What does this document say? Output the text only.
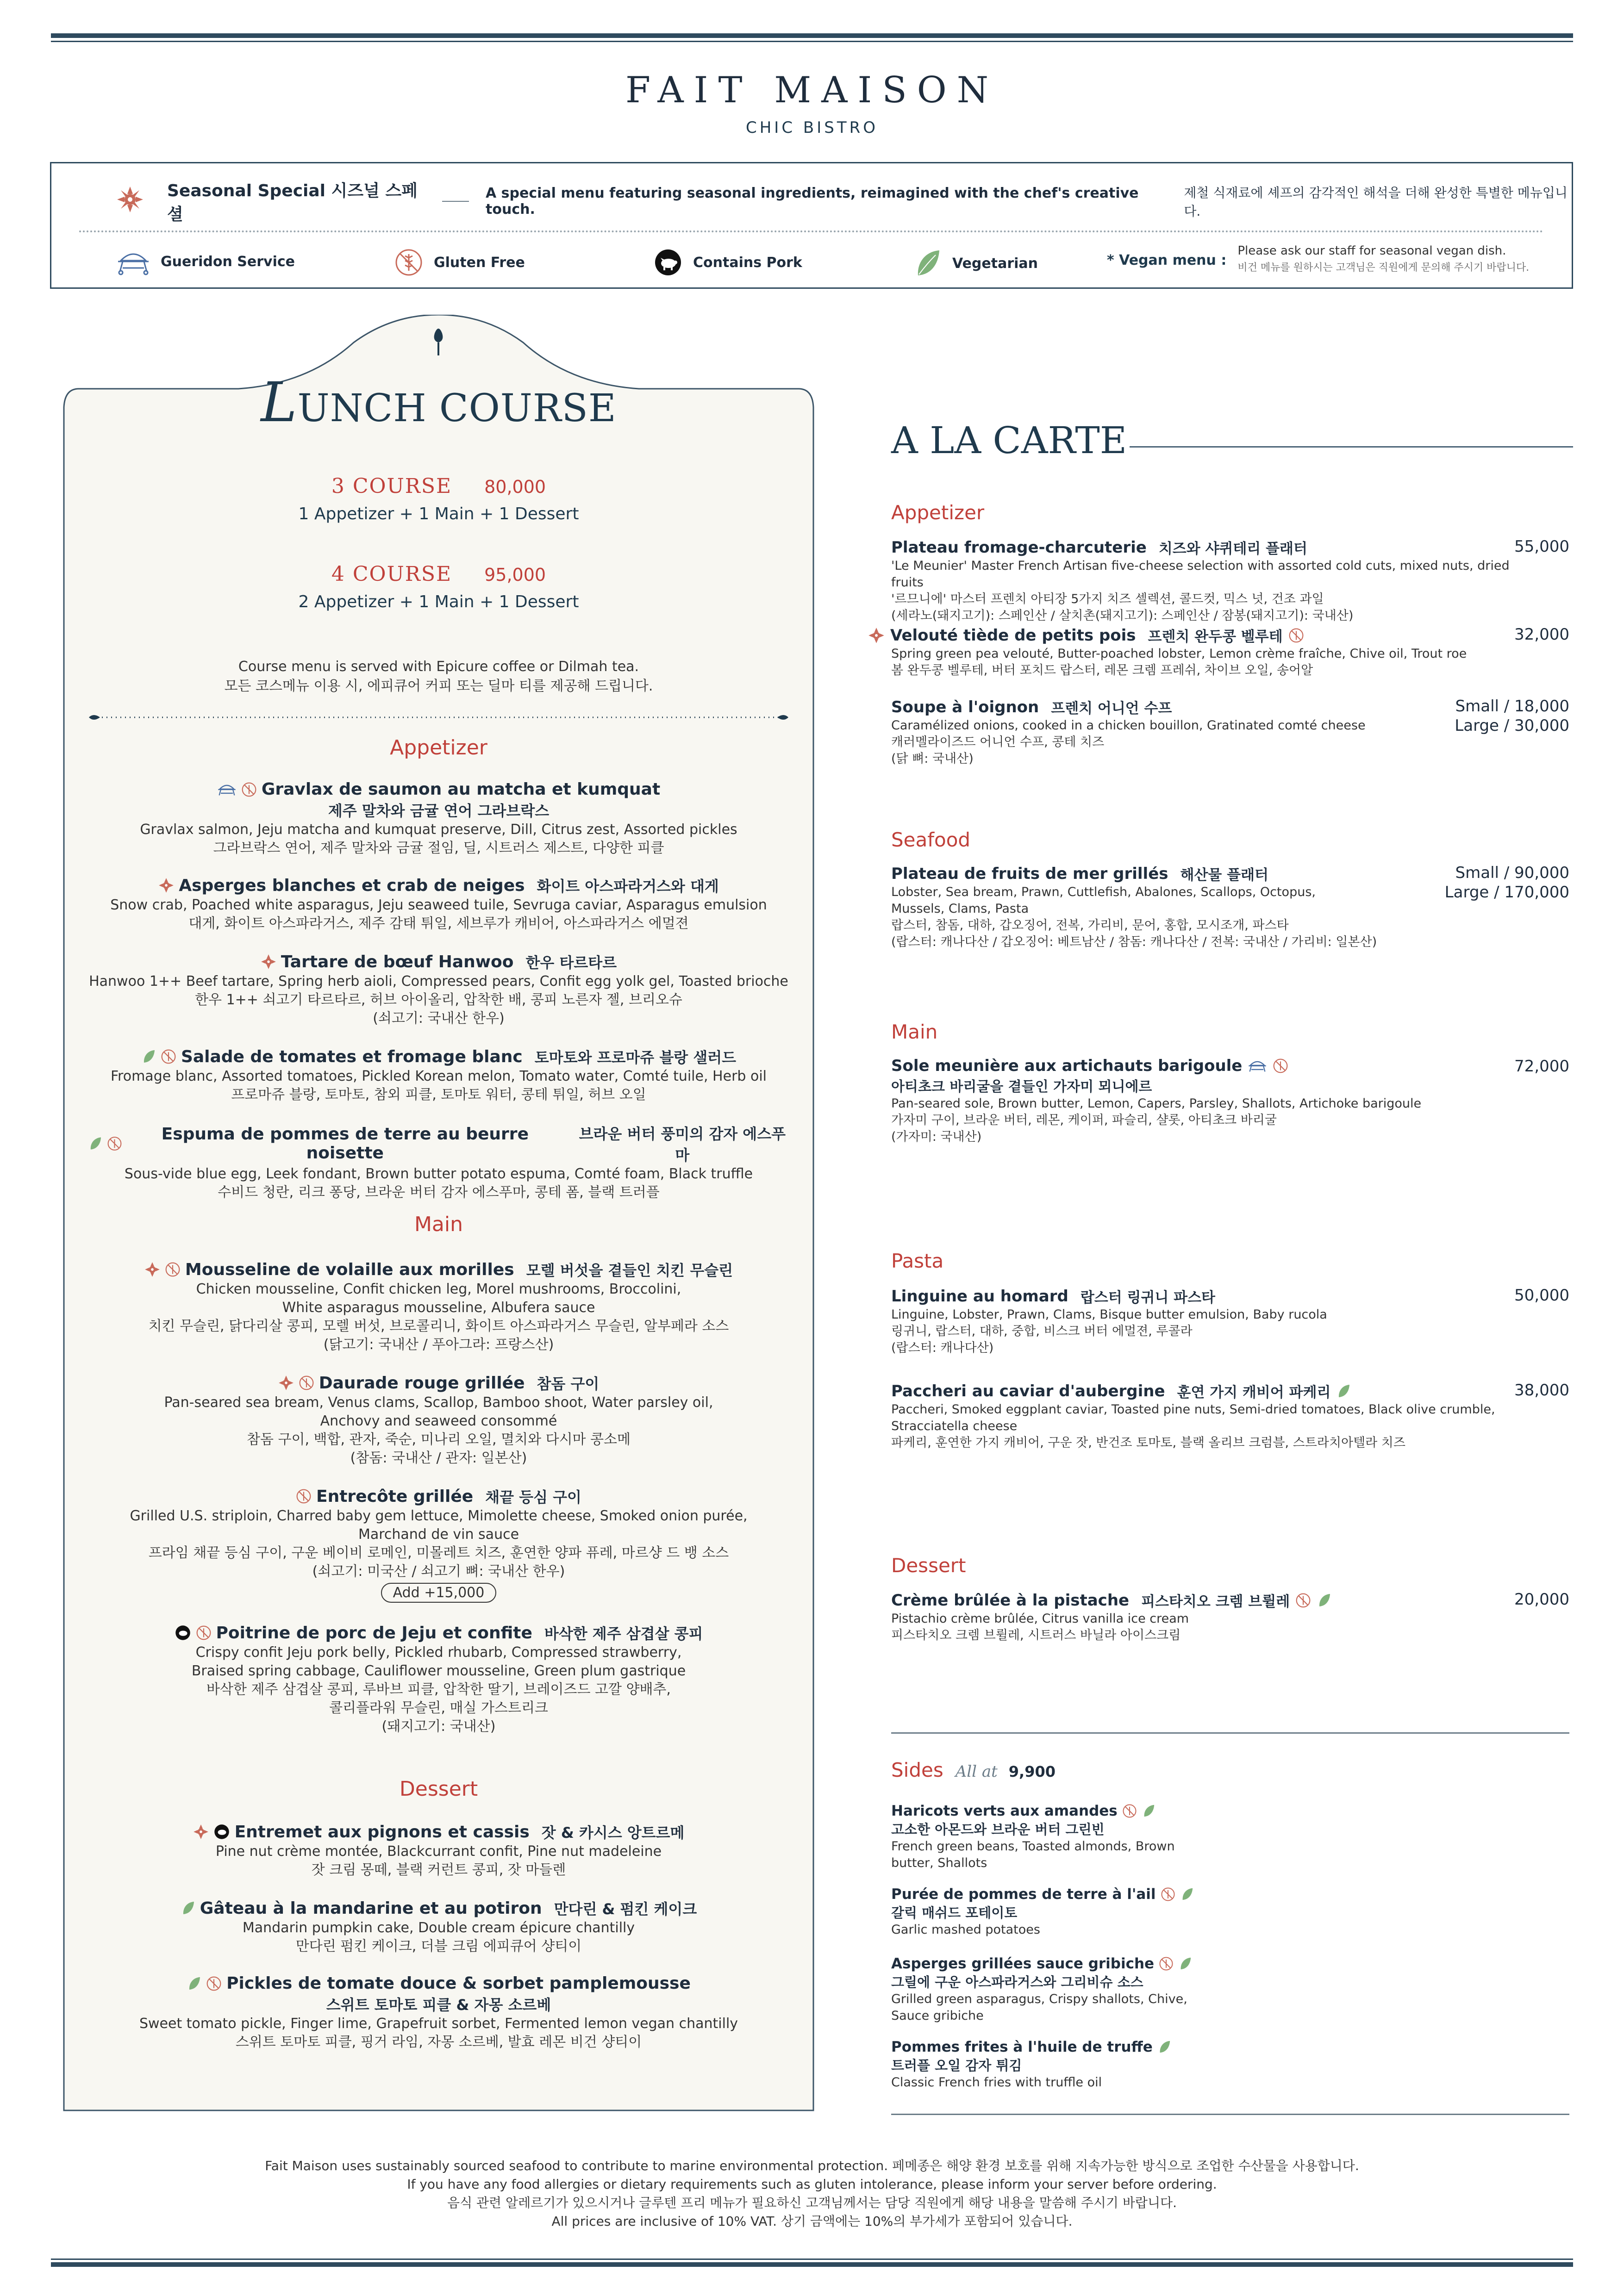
FAIT MAISON
CHIC BISTRO
Seasonal Special 시즈널 스페셜
A special menu featuring seasonal ingredients, reimagined with the chef's creative touch.
제철 식재료에 셰프의 감각적인 해석을 더해 완성한 특별한 메뉴입니다.
Gueridon Service	Gluten Free	Contains Pork	Vegetarian	* Vegan menu :
Please ask our staff for seasonal vegan dish.
비건 메뉴를 원하시는 고객님은 직원에게 문의해 주시기 바랍니다.
LUNCH COURSE
3 COURSE 80,000
1 Appetizer + 1 Main + 1 Dessert
4 COURSE 95,000
2 Appetizer + 1 Main + 1 Dessert
Course menu is served with Epicure coffee or Dilmah tea.
모든 코스메뉴 이용 시, 에피큐어 커피 또는 딜마 티를 제공해 드립니다.
Appetizer
Gravlax de saumon au matcha et kumquat
제주 말차와 금귤 연어 그라브락스
Gravlax salmon, Jeju matcha and kumquat preserve, Dill, Citrus zest, Assorted pickles
그라브락스 연어, 제주 말차와 금귤 절임, 딜, 시트러스 제스트, 다양한 피클
Asperges blanches et crab de neiges 화이트 아스파라거스와 대게
Snow crab, Poached white asparagus, Jeju seaweed tuile, Sevruga caviar, Asparagus emulsion
대게, 화이트 아스파라거스, 제주 감태 튀일, 세브루가 캐비어, 아스파라거스 에멀젼
Tartare de bœuf Hanwoo 한우 타르타르
Hanwoo 1++ Beef tartare, Spring herb aioli, Compressed pears, Confit egg yolk gel, Toasted brioche
한우 1++ 쇠고기 타르타르, 허브 아이올리, 압착한 배, 콩피 노른자 젤, 브리오슈
(쇠고기: 국내산 한우)
Salade de tomates et fromage blanc 토마토와 프로마쥬 블랑 샐러드
Fromage blanc, Assorted tomatoes, Pickled Korean melon, Tomato water, Comté tuile, Herb oil
프로마쥬 블랑, 토마토, 참외 피클, 토마토 워터, 콩테 튀일, 허브 오일
Espuma de pommes de terre au beurre noisette
브라운 버터 풍미의 감자 에스푸마
Sous-vide blue egg, Leek fondant, Brown butter potato espuma, Comté foam, Black truffle
수비드 청란, 리크 퐁당, 브라운 버터 감자 에스푸마, 콩테 폼, 블랙 트러플
Main
Mousseline de volaille aux morilles 모렐 버섯을 곁들인 치킨 무슬린
Chicken mousseline, Confit chicken leg, Morel mushrooms, Broccolini,
White asparagus mousseline, Albufera sauce
치킨 무슬린, 닭다리살 콩피, 모렐 버섯, 브로콜리니, 화이트 아스파라거스 무슬린, 알부페라 소스
(닭고기: 국내산 / 푸아그라: 프랑스산)
Daurade rouge grillée 참돔 구이
Pan-seared sea bream, Venus clams, Scallop, Bamboo shoot, Water parsley oil,
Anchovy and seaweed consommé
참돔 구이, 백합, 관자, 죽순, 미나리 오일, 멸치와 다시마 콩소메
(참돔: 국내산 / 관자: 일본산)
Entrecôte grillée 채끝 등심 구이
Grilled U.S. striploin, Charred baby gem lettuce, Mimolette cheese, Smoked onion purée,
Marchand de vin sauce
프라임 채끝 등심 구이, 구운 베이비 로메인, 미몰레트 치즈, 훈연한 양파 퓨레, 마르샹 드 뱅 소스
(쇠고기: 미국산 / 쇠고기 뼈: 국내산 한우)
Add +15,000
Poitrine de porc de Jeju et confite 바삭한 제주 삼겹살 콩피
Crispy confit Jeju pork belly, Pickled rhubarb, Compressed strawberry,
Braised spring cabbage, Cauliflower mousseline, Green plum gastrique
바삭한 제주 삼겹살 콩피, 루바브 피클, 압착한 딸기, 브레이즈드 고깔 양배추,
콜리플라워 무슬린, 매실 가스트리크
(돼지고기: 국내산)
Dessert
Entremet aux pignons et cassis 잣 & 카시스 앙트르메
Pine nut crème montée, Blackcurrant confit, Pine nut madeleine
잣 크림 몽떼, 블랙 커런트 콩피, 잣 마들렌
Gâteau à la mandarine et au potiron 만다린 & 펌킨 케이크
Mandarin pumpkin cake, Double cream épicure chantilly
만다린 펌킨 케이크, 더블 크림 에피큐어 샹티이
Pickles de tomate douce & sorbet pamplemousse
스위트 토마토 피클 & 자몽 소르베
Sweet tomato pickle, Finger lime, Grapefruit sorbet, Fermented lemon vegan chantilly
스위트 토마토 피클, 핑거 라임, 자몽 소르베, 발효 레몬 비건 샹티이
A LA CARTE
Appetizer
Plateau fromage-charcuterie 치즈와 샤퀴테리 플래터	55,000
'Le Meunier' Master French Artisan five-cheese selection with assorted cold cuts, mixed nuts, dried fruits
'르므니에' 마스터 프렌치 아티장 5가지 치즈 셀렉션, 콜드컷, 믹스 넛, 건조 과일
(세라노(돼지고기): 스페인산 / 살치촌(돼지고기): 스페인산 / 잠봉(돼지고기): 국내산)
Velouté tiède de petits pois 프렌치 완두콩 벨루테	32,000
Spring green pea velouté, Butter-poached lobster, Lemon crème fraîche, Chive oil, Trout roe
봄 완두콩 벨루테, 버터 포치드 랍스터, 레몬 크렘 프레쉬, 차이브 오일, 송어알
Soupe à l'oignon 프렌치 어니언 수프	Small / 18,000
Large / 30,000
Caramélized onions, cooked in a chicken bouillon, Gratinated comté cheese
캐러멜라이즈드 어니언 수프, 콩테 치즈
(닭 뼈: 국내산)
Seafood
Plateau de fruits de mer grillés 해산물 플래터	Small / 90,000
Large / 170,000
Lobster, Sea bream, Prawn, Cuttlefish, Abalones, Scallops, Octopus,
Mussels, Clams, Pasta
랍스터, 참돔, 대하, 갑오징어, 전복, 가리비, 문어, 홍합, 모시조개, 파스타
(랍스터: 캐나다산 / 갑오징어: 베트남산 / 참돔: 캐나다산 / 전복: 국내산 / 가리비: 일본산)
Main
Sole meunière aux artichauts barigoule	72,000
아티초크 바리굴을 곁들인 가자미 뫼니에르
Pan-seared sole, Brown butter, Lemon, Capers, Parsley, Shallots, Artichoke barigoule
가자미 구이, 브라운 버터, 레몬, 케이퍼, 파슬리, 샬롯, 아티초크 바리굴
(가자미: 국내산)
Pasta
Linguine au homard 랍스터 링귀니 파스타	50,000
Linguine, Lobster, Prawn, Clams, Bisque butter emulsion, Baby rucola
링귀니, 랍스터, 대하, 중합, 비스크 버터 에멀젼, 루콜라
(랍스터: 캐나다산)
Paccheri au caviar d'aubergine 훈연 가지 캐비어 파케리	38,000
Paccheri, Smoked eggplant caviar, Toasted pine nuts, Semi-dried tomatoes, Black olive crumble,
Stracciatella cheese
파케리, 훈연한 가지 캐비어, 구운 잣, 반건조 토마토, 블랙 올리브 크럼블, 스트라치아텔라 치즈
Dessert
Crème brûlée à la pistache 피스타치오 크렘 브륄레	20,000
Pistachio crème brûlée, Citrus vanilla ice cream
피스타치오 크렘 브륄레, 시트러스 바닐라 아이스크림
Sides All at 9,900
Haricots verts aux amandes
고소한 아몬드와 브라운 버터 그린빈
French green beans, Toasted almonds, Brown
butter, Shallots
Purée de pommes de terre à l'ail
갈릭 매쉬드 포테이토
Garlic mashed potatoes
Asperges grillées sauce gribiche
그릴에 구운 아스파라거스와 그리비슈 소스
Grilled green asparagus, Crispy shallots, Chive,
Sauce gribiche
Pommes frites à l'huile de truffe
트러플 오일 감자 튀김
Classic French fries with truffle oil
Fait Maison uses sustainably sourced seafood to contribute to marine environmental protection. 페메종은 해양 환경 보호를 위해 지속가능한 방식으로 조업한 수산물을 사용합니다.
If you have any food allergies or dietary requirements such as gluten intolerance, please inform your server before ordering.
음식 관련 알레르기가 있으시거나 글루텐 프리 메뉴가 필요하신 고객님께서는 담당 직원에게 해당 내용을 말씀해 주시기 바랍니다.
All prices are inclusive of 10% VAT. 상기 금액에는 10%의 부가세가 포함되어 있습니다.
